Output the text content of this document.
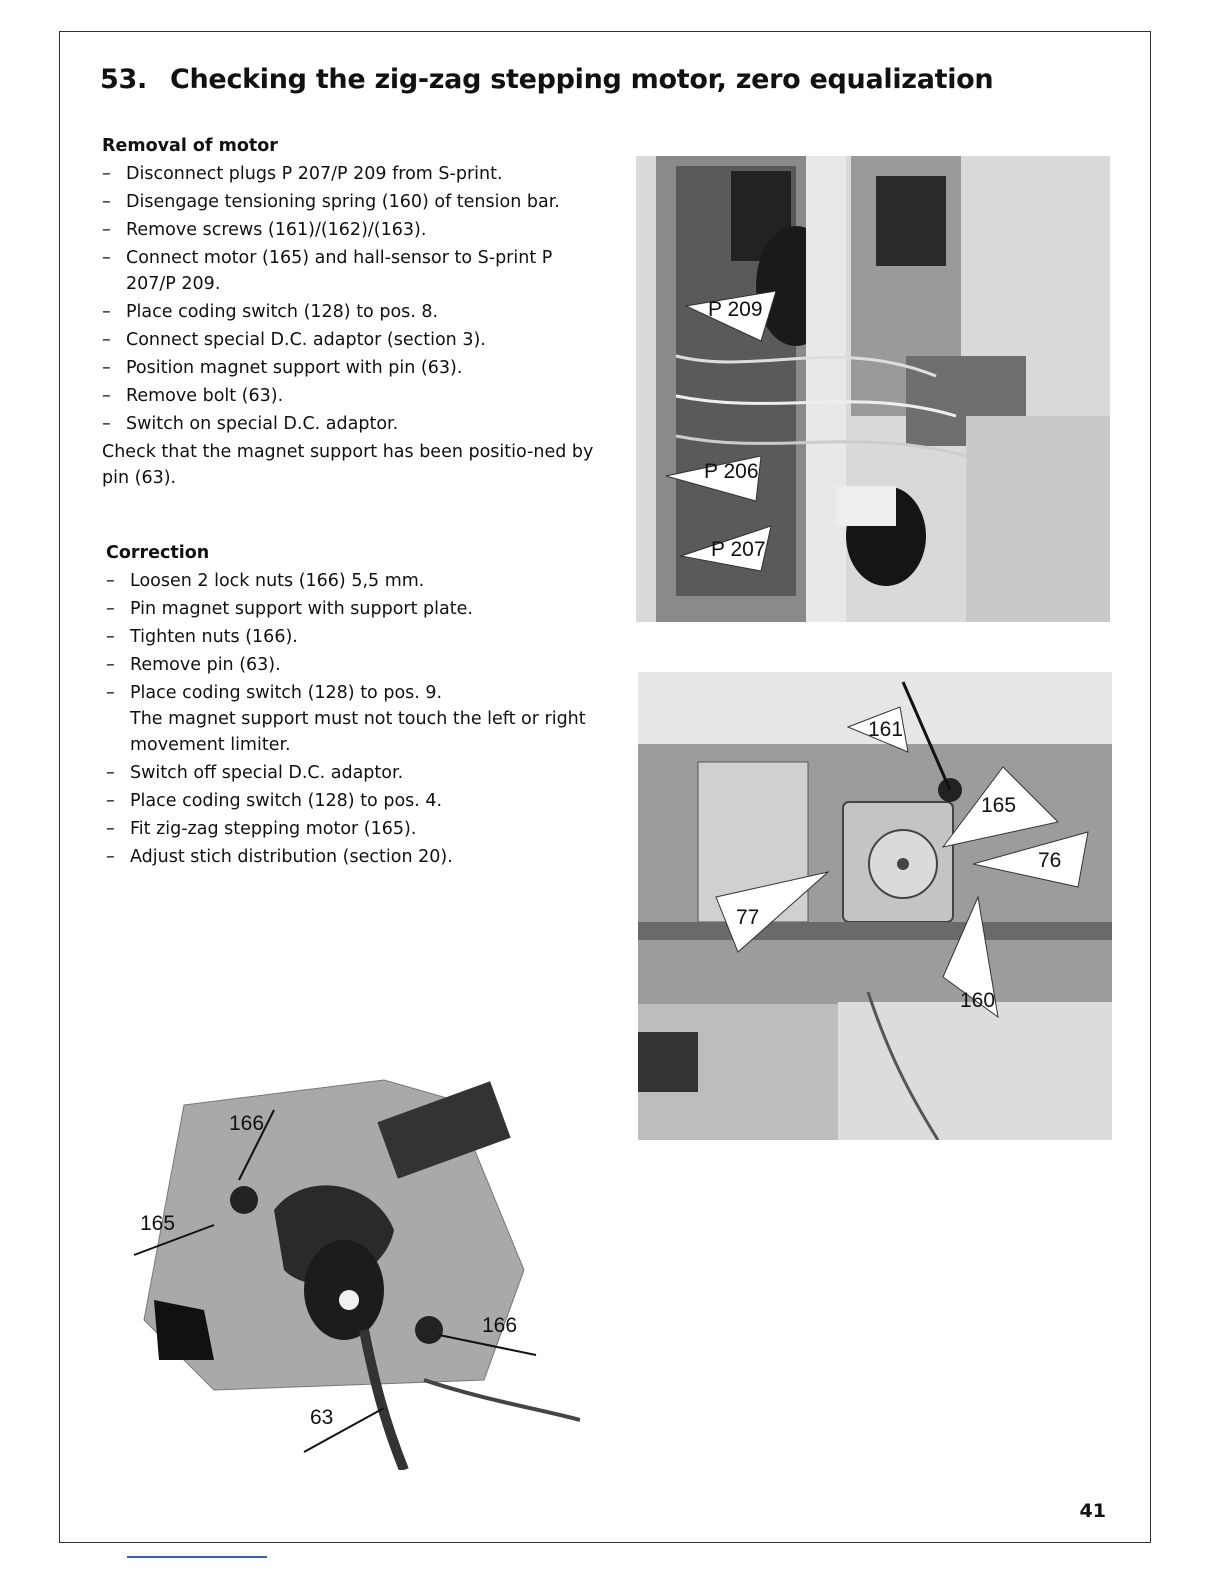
53. Checking the zig-zag stepping motor, zero equalization
Removal of motor
– Disconnect plugs P 207/P 209 from S-print.
– Disengage tensioning spring (160) of tension bar.
– Remove screws (161)/(162)/(163).
– Connect motor (165) and hall-sensor to S-print P 207/P 209.
– Place coding switch (128) to pos. 8.
– Connect special D.C. adaptor (section 3).
– Position magnet support with pin (63).
– Remove bolt (63).
– Switch on special D.C. adaptor.

Check that the magnet support has been positio-ned by pin (63).

Correction
– Loosen 2 lock nuts (166) 5,5 mm.
– Pin magnet support with support plate.
– Tighten nuts (166).
– Remove pin (63).
– Place coding switch (128) to pos. 9.
The magnet support must not touch the left or right movement limiter.
– Switch off special D.C. adaptor.
– Place coding switch (128) to pos. 4.
– Fit zig-zag stepping motor (165).
– Adjust stich distribution (section 20).
P 209
P 206
P 207
161
165
76
77
160
166
165
166
63
41
